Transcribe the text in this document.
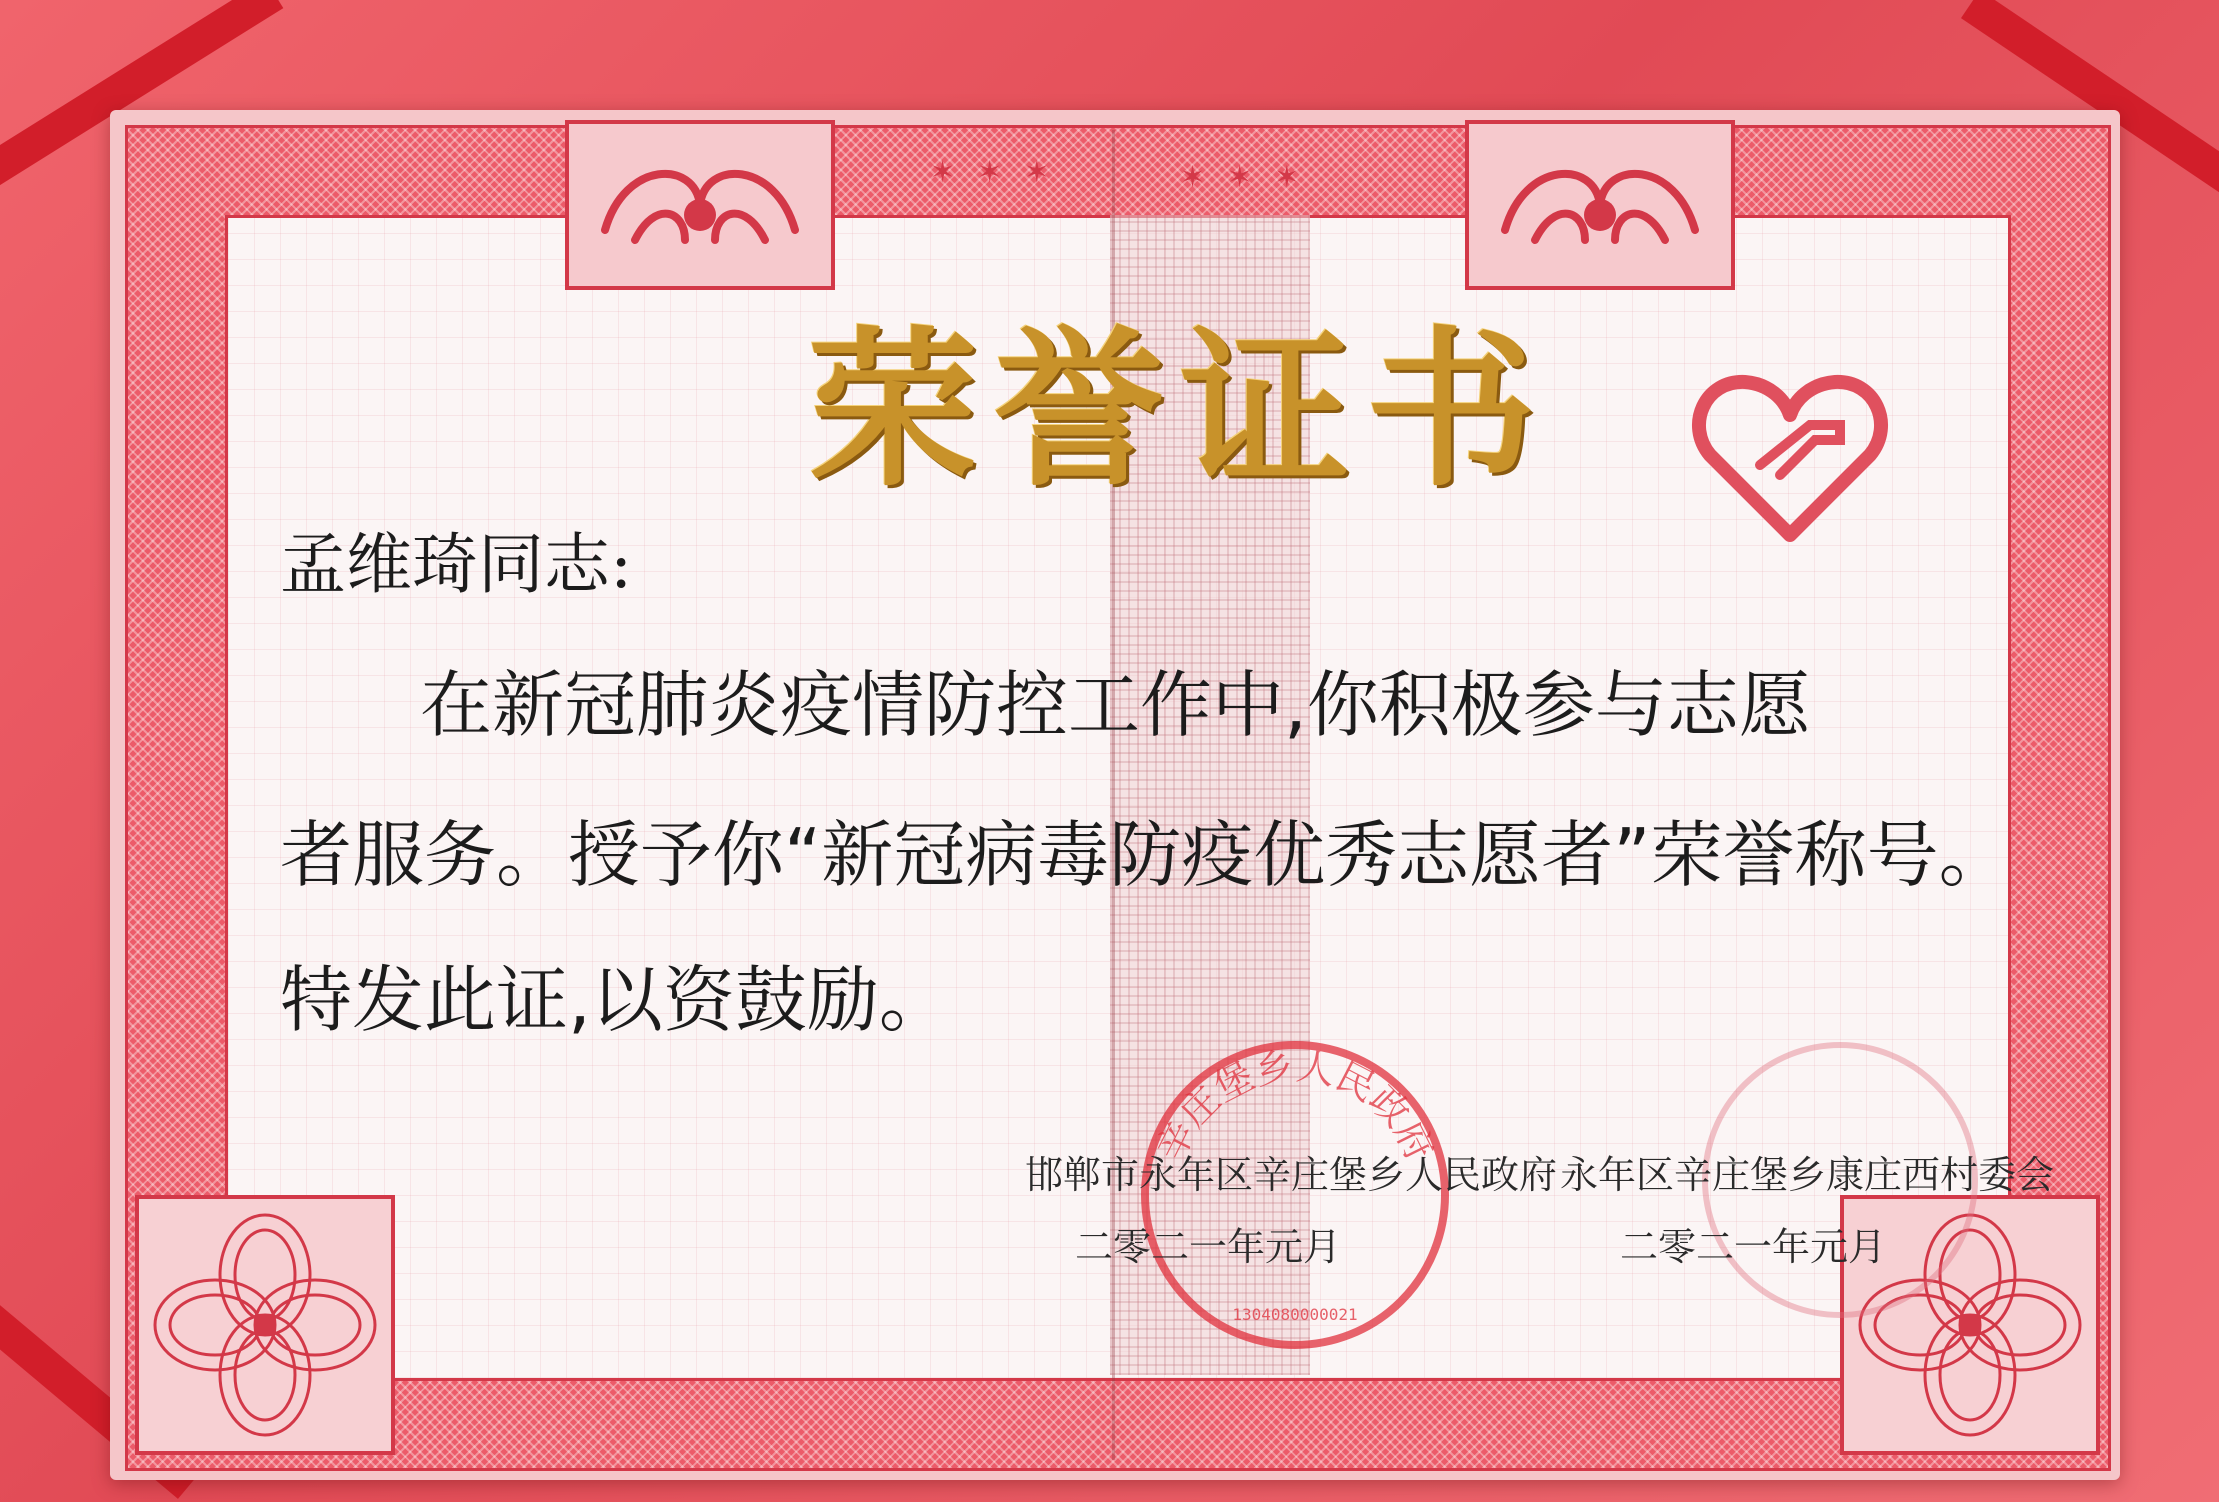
✶✶✶	✶✶✶
荣誉证书

孟维琦同志:

在新冠肺炎疫情防控工作中,你积极参与志愿

者服务。授予你“新冠病毒防疫优秀志愿者”荣誉称号。

特发此证,以资鼓励。

辛庄堡乡人民政府
1304080000021

邯郸市永年区辛庄堡乡人民政府

二零二一年元月

永年区辛庄堡乡康庄西村委会

二零二一年元月
